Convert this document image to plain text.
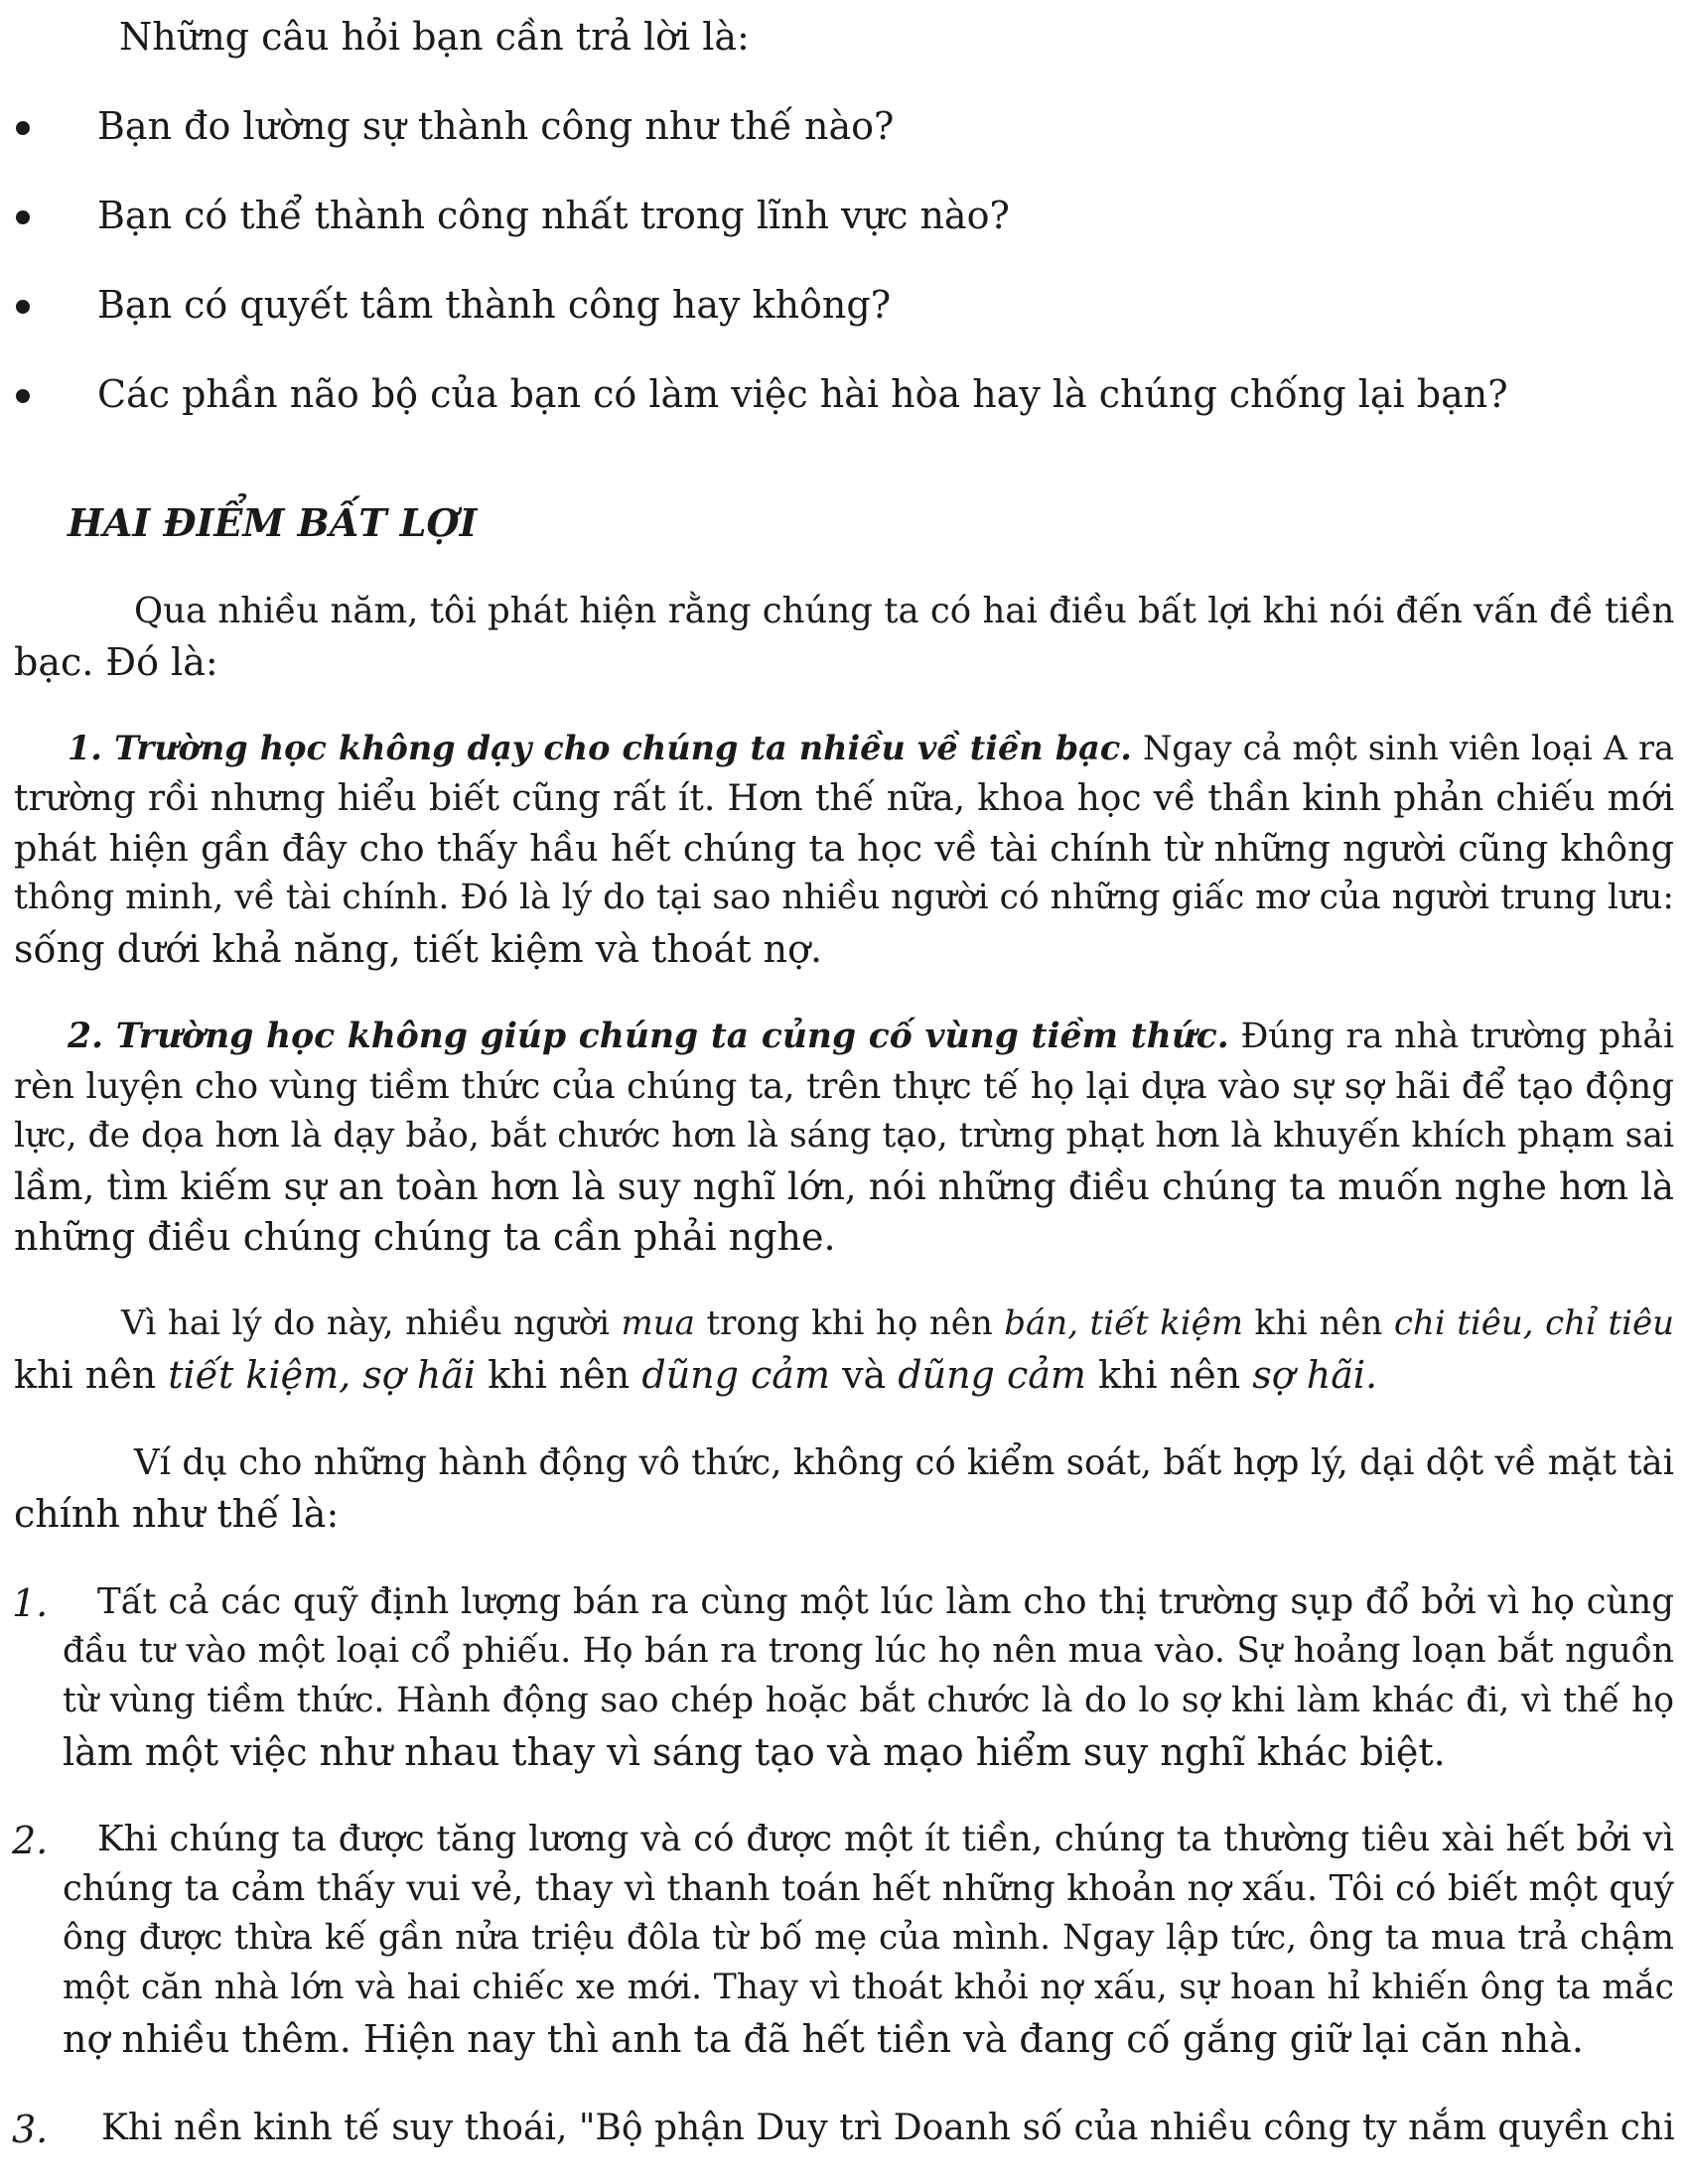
Những câu hỏi bạn cần trả lời là:

Bạn đo lường sự thành công như thế nào?

Bạn có thể thành công nhất trong lĩnh vực nào?

Bạn có quyết tâm thành công hay không?

Các phần não bộ của bạn có làm việc hài hòa hay là chúng chống lại bạn?

HAI ĐIỂM BẤT LỢI

Qua nhiều năm, tôi phát hiện rằng chúng ta có hai điều bất lợi khi nói đến vấn đề tiền

bạc. Đó là:

1. Trường học không dạy cho chúng ta nhiều về tiền bạc. Ngay cả một sinh viên loại A ra

trường rồi nhưng hiểu biết cũng rất ít. Hơn thế nữa, khoa học về thần kinh phản chiếu mới

phát hiện gần đây cho thấy hầu hết chúng ta học về tài chính từ những người cũng không

thông minh, về tài chính. Đó là lý do tại sao nhiều người có những giấc mơ của người trung lưu:

sống dưới khả năng, tiết kiệm và thoát nợ.

2. Trường học không giúp chúng ta củng cố vùng tiềm thức. Đúng ra nhà trường phải

rèn luyện cho vùng tiềm thức của chúng ta, trên thực tế họ lại dựa vào sự sợ hãi để tạo động

lực, đe dọa hơn là dạy bảo, bắt chước hơn là sáng tạo, trừng phạt hơn là khuyến khích phạm sai

lầm, tìm kiếm sự an toàn hơn là suy nghĩ lớn, nói những điều chúng ta muốn nghe hơn là

những điều chúng chúng ta cần phải nghe.

Vì hai lý do này, nhiều người mua trong khi họ nên bán, tiết kiệm khi nên chi tiêu, chỉ tiêu

khi nên tiết kiệm, sợ hãi khi nên dũng cảm và dũng cảm khi nên sợ hãi.

Ví dụ cho những hành động vô thức, không có kiểm soát, bất hợp lý, dại dột về mặt tài

chính như thế là:

1. Tất cả các quỹ định lượng bán ra cùng một lúc làm cho thị trường sụp đổ bởi vì họ cùng

đầu tư vào một loại cổ phiếu. Họ bán ra trong lúc họ nên mua vào. Sự hoảng loạn bắt nguồn

từ vùng tiềm thức. Hành động sao chép hoặc bắt chước là do lo sợ khi làm khác đi, vì thế họ

làm một việc như nhau thay vì sáng tạo và mạo hiểm suy nghĩ khác biệt.

2. Khi chúng ta được tăng lương và có được một ít tiền, chúng ta thường tiêu xài hết bởi vì

chúng ta cảm thấy vui vẻ, thay vì thanh toán hết những khoản nợ xấu. Tôi có biết một quý

ông được thừa kế gần nửa triệu đôla từ bố mẹ của mình. Ngay lập tức, ông ta mua trả chậm

một căn nhà lớn và hai chiếc xe mới. Thay vì thoát khỏi nợ xấu, sự hoan hỉ khiến ông ta mắc

nợ nhiều thêm. Hiện nay thì anh ta đã hết tiền và đang cố gắng giữ lại căn nhà.

3. Khi nền kinh tế suy thoái, "Bộ phận Duy trì Doanh số của nhiều công ty nắm quyền chi
